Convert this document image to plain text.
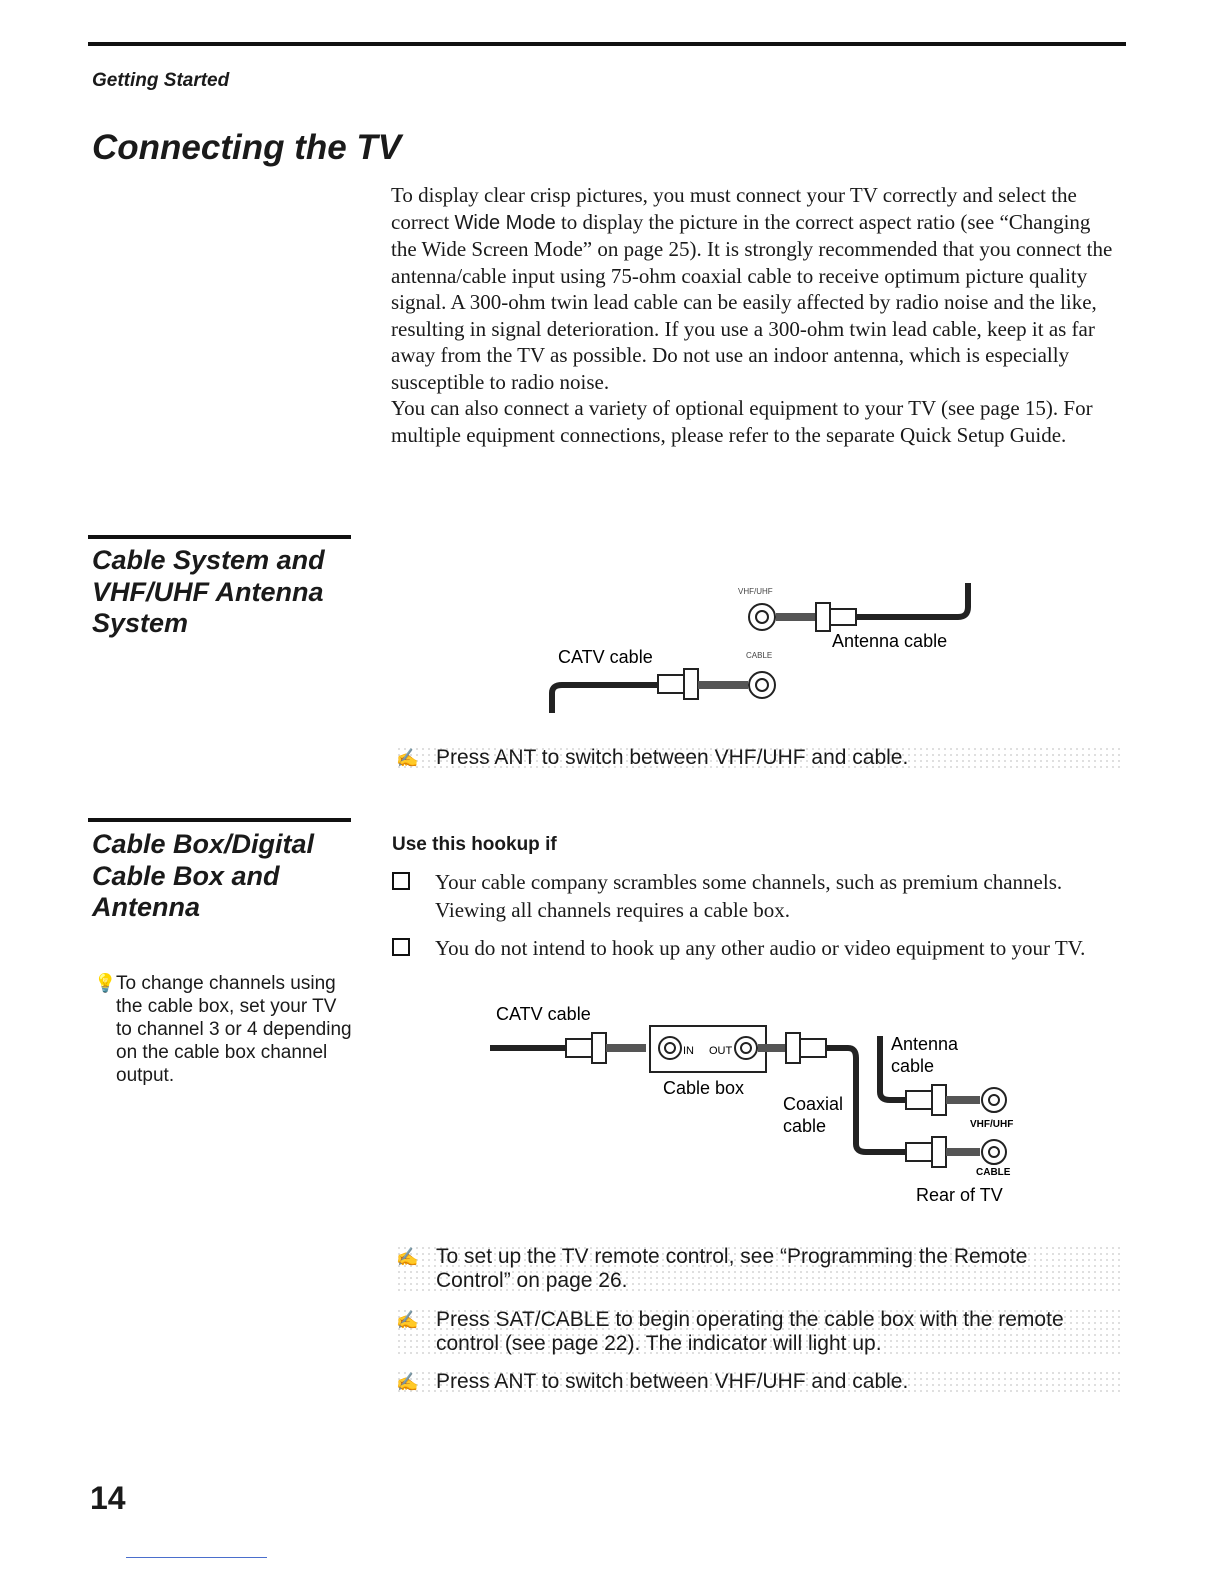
Getting Started
Connecting the TV

To display clear crisp pictures, you must connect your TV correctly and select the correct Wide Mode to display the picture in the correct aspect ratio (see “Changing the Wide Screen Mode” on page 25). It is strongly recommended that you connect the antenna/cable input using 75-ohm coaxial cable to receive optimum picture quality signal. A 300-ohm twin lead cable can be easily affected by radio noise and the like, resulting in signal deterioration. If you use a 300-ohm twin lead cable, keep it as far away from the TV as possible. Do not use an indoor antenna, which is especially susceptible to radio noise.

You can also connect a variety of optional equipment to your TV (see page 15). For multiple equipment connections, please refer to the separate Quick Setup Guide.

Cable System and VHF/UHF Antenna System
VHF/UHF
Antenna cable
CATV cable	CABLE
✍ Press ANT to switch between VHF/UHF and cable.
Cable Box/Digital Cable Box and Antenna
💡 To change channels using the cable box, set your TV to channel 3 or 4 depending on the cable box channel output.
Use this hookup if
Your cable company scrambles some channels, such as premium channels. Viewing all channels requires a cable box.
You do not intend to hook up any other audio or video equipment to your TV.
CATV cable
IN OUT
Cable box
Coaxial
cable
Antenna
cable
VHF/UHF
CABLE
Rear of TV
✍ To set up the TV remote control, see “Programming the Remote Control” on page 26.
✍ Press SAT/CABLE to begin operating the cable box with the remote control (see page 22). The indicator will light up.
✍ Press ANT to switch between VHF/UHF and cable.
14
